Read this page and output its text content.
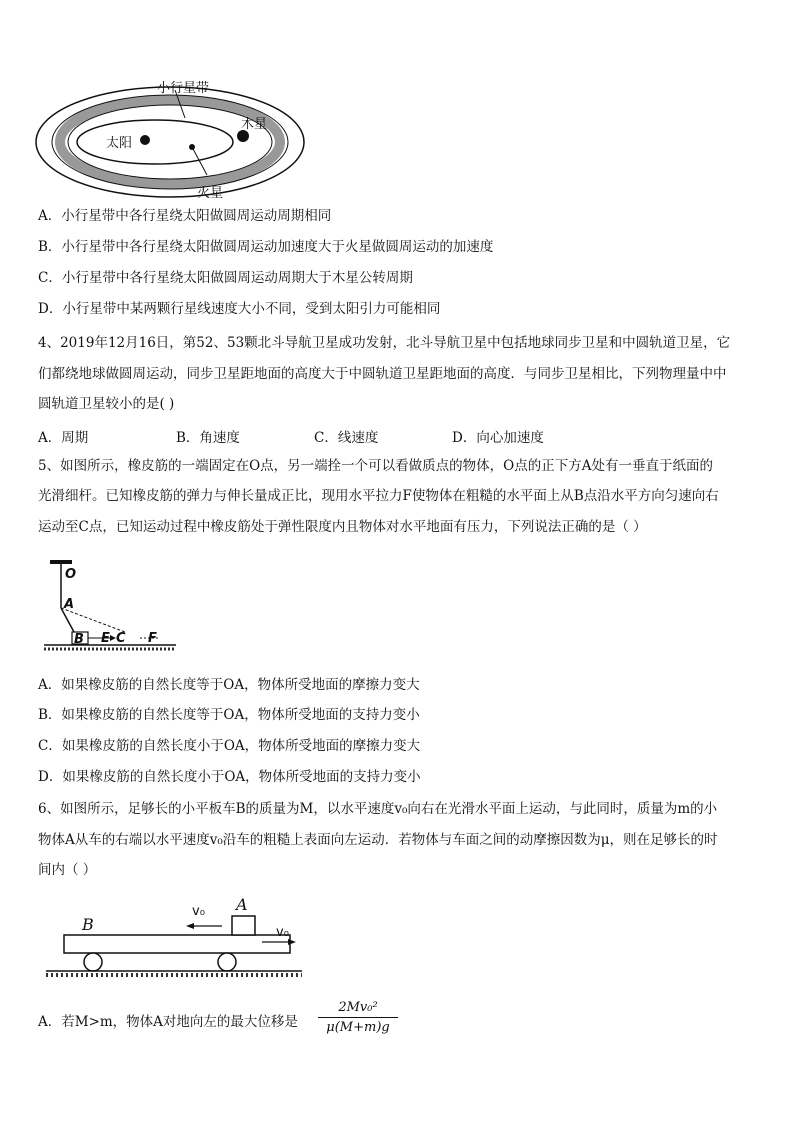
小行星带
木星
太阳
火星
A．小行星带中各行星绕太阳做圆周运动周期相同
B．小行星带中各行星绕太阳做圆周运动加速度大于火星做圆周运动的加速度
C．小行星带中各行星绕太阳做圆周运动周期大于木星公转周期
D．小行星带中某两颗行星线速度大小不同，受到太阳引力可能相同
4、2019年12月16日，第52、53颗北斗导航卫星成功发射，北斗导航卫星中包括地球同步卫星和中圆轨道卫星，它
们都绕地球做圆周运动，同步卫星距地面的高度大于中圆轨道卫星距地面的高度．与同步卫星相比，下列物理量中中
圆轨道卫星较小的是( )
A．周期	B．角速度	C．线速度	D．向心加速度
5、如图所示，橡皮筋的一端固定在O点，另一端拴一个可以看做质点的物体，O点的正下方A处有一垂直于纸面的
光滑细杆。已知橡皮筋的弹力与伸长量成正比，现用水平拉力F使物体在粗糙的水平面上从B点沿水平方向匀速向右
运动至C点，已知运动过程中橡皮筋处于弹性限度内且物体对水平地面有压力，下列说法正确的是（ ）
O
A
B E C F
A．如果橡皮筋的自然长度等于OA，物体所受地面的摩擦力变大
B．如果橡皮筋的自然长度等于OA，物体所受地面的支持力变小
C．如果橡皮筋的自然长度小于OA，物体所受地面的摩擦力变大
D．如果橡皮筋的自然长度小于OA，物体所受地面的支持力变小
6、如图所示，足够长的小平板车B的质量为M，以水平速度v₀向右在光滑水平面上运动，与此同时，质量为m的小
物体A从车的右端以水平速度v₀沿车的粗糙上表面向左运动．若物体与车面之间的动摩擦因数为μ，则在足够长的时
间内（ ）
B
A
v₀
v₀
A．若M>m，物体A对地向左的最大位移是 $\frac{\text{2Mv₀²}}{\mu(M+m)g}$
